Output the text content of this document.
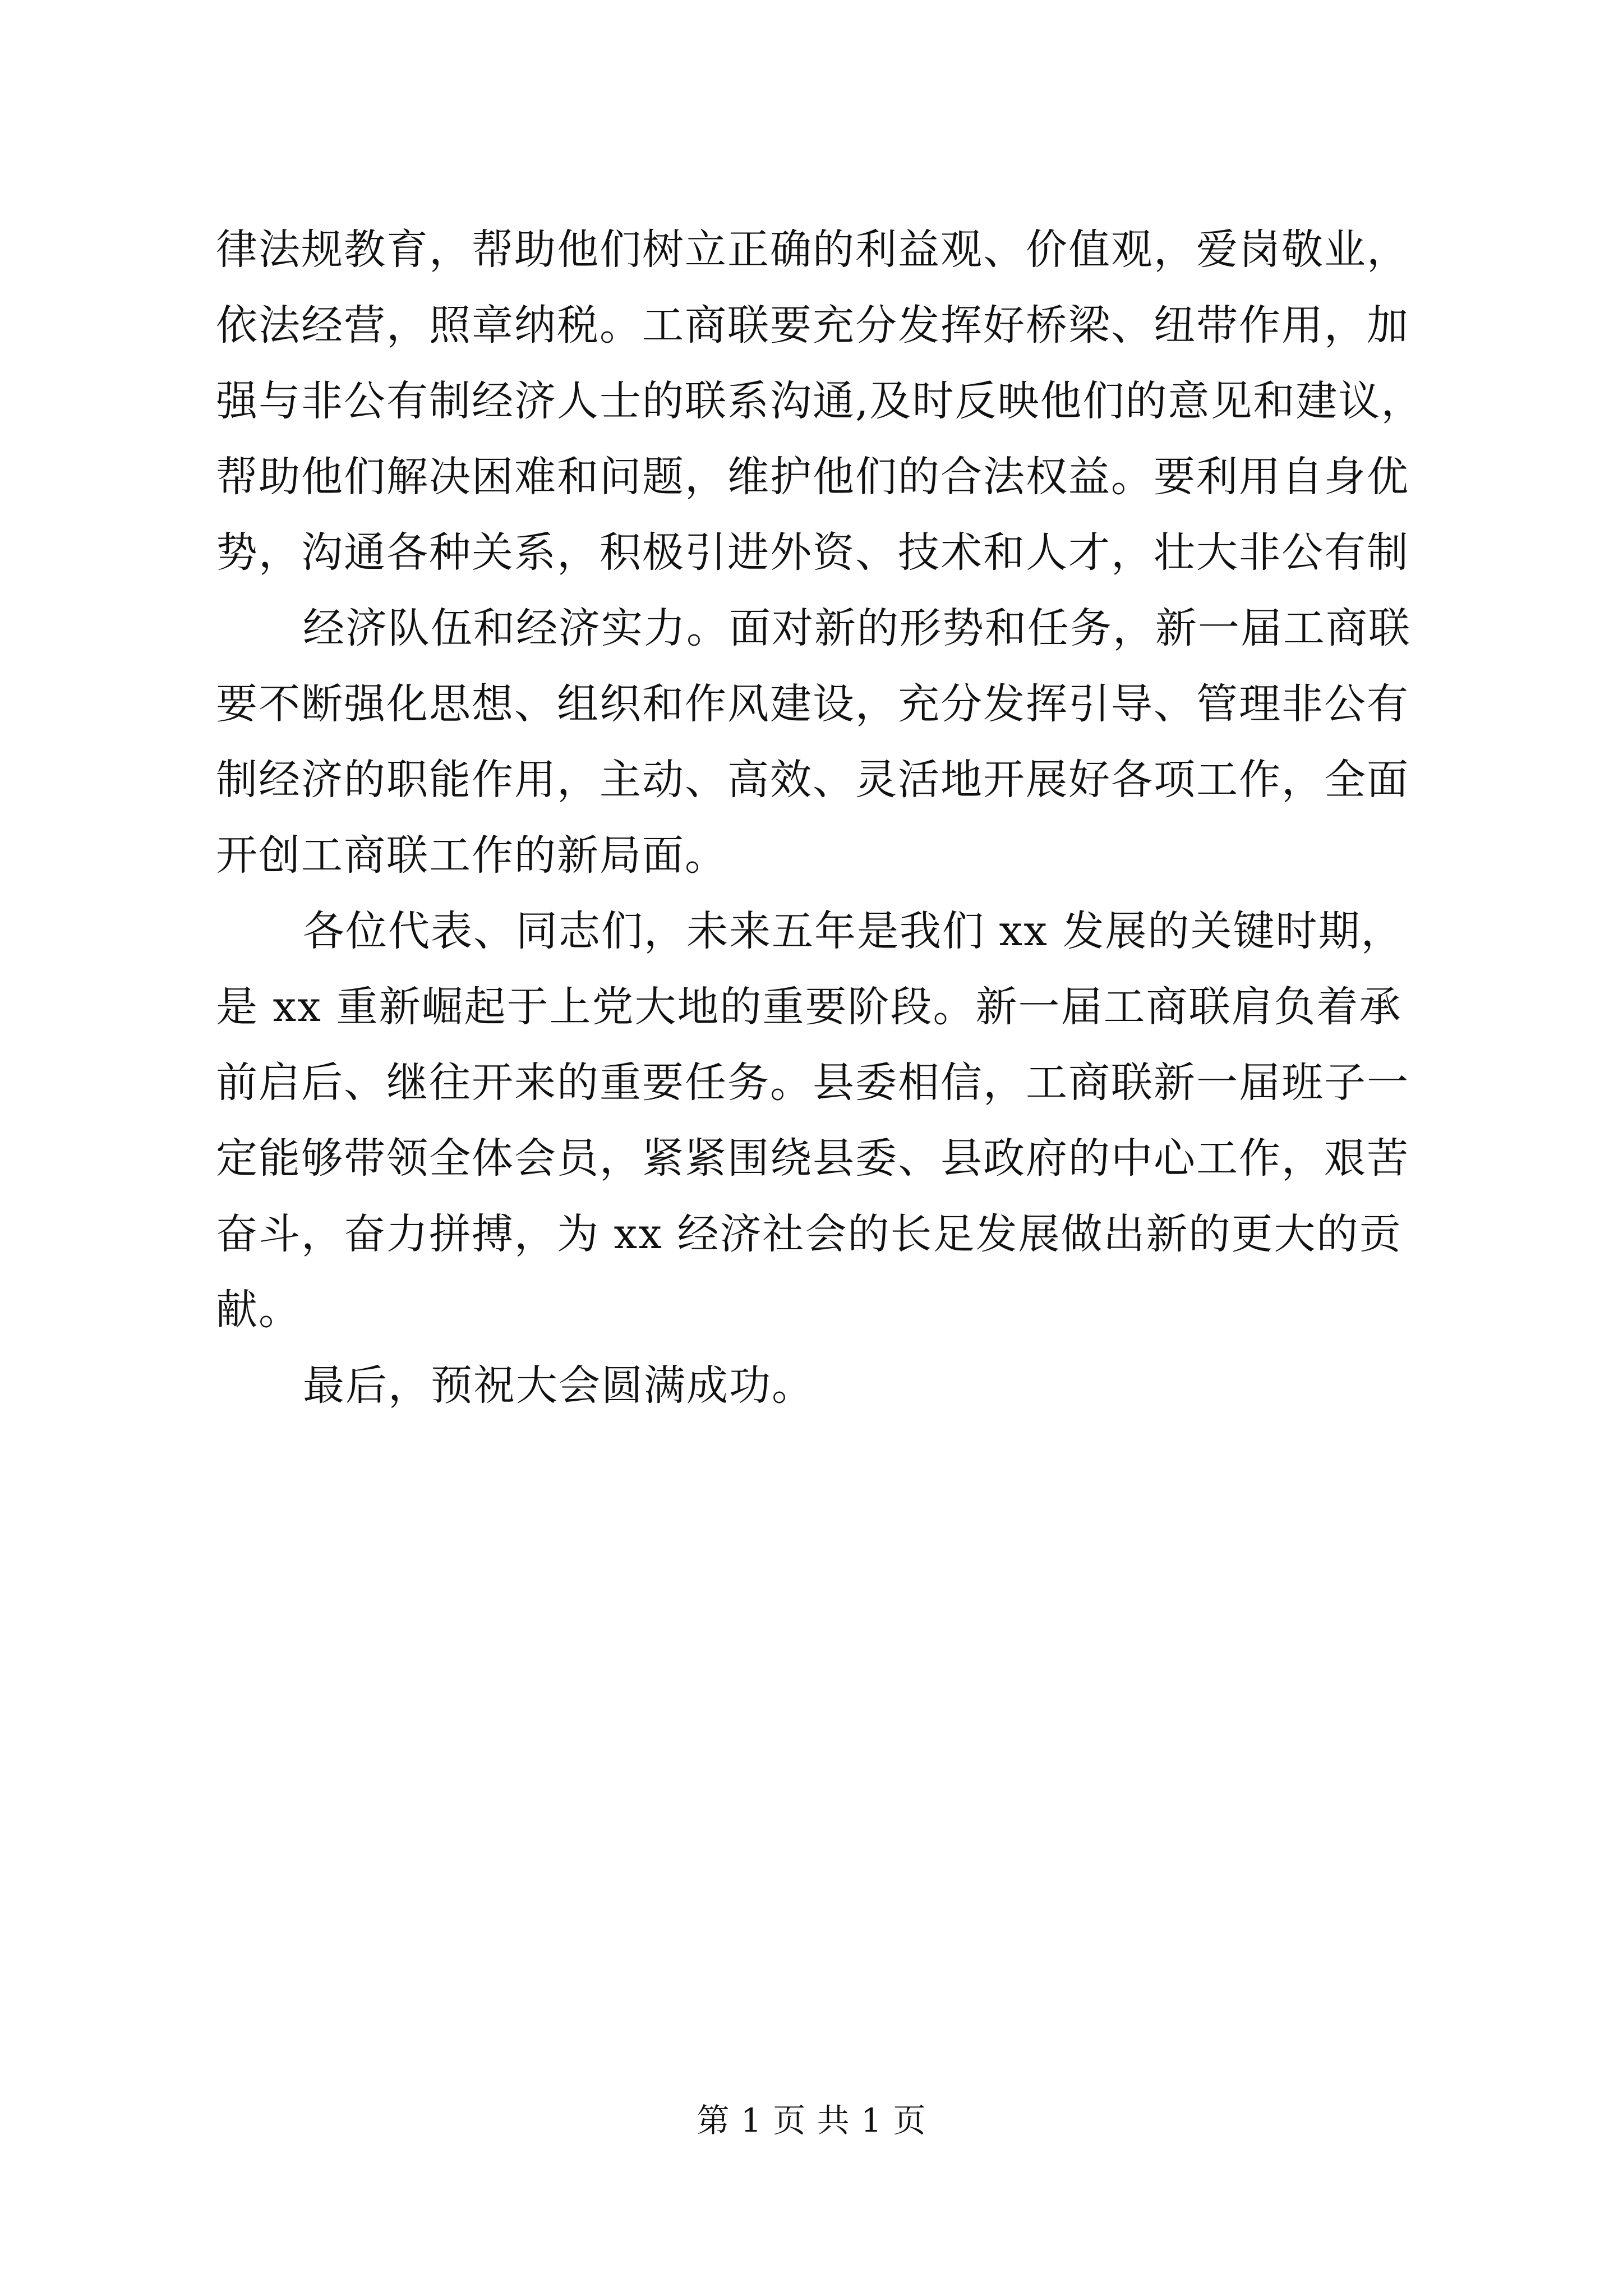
律法规教育，帮助他们树立正确的利益观、价值观，爱岗敬业，
依法经营，照章纳税。工商联要充分发挥好桥梁、纽带作用，加
强与非公有制经济人士的联系沟通,及时反映他们的意见和建议，
帮助他们解决困难和问题，维护他们的合法权益。要利用自身优
势，沟通各种关系，积极引进外资、技术和人才，壮大非公有制
经济队伍和经济实力。面对新的形势和任务，新一届工商联
要不断强化思想、组织和作风建设，充分发挥引导、管理非公有
制经济的职能作用，主动、高效、灵活地开展好各项工作，全面
开创工商联工作的新局面。
各位代表、同志们，未来五年是我们 xx 发展的关键时期，
是 xx 重新崛起于上党大地的重要阶段。新一届工商联肩负着承
前启后、继往开来的重要任务。县委相信，工商联新一届班子一
定能够带领全体会员，紧紧围绕县委、县政府的中心工作，艰苦
奋斗，奋力拼搏，为 xx 经济社会的长足发展做出新的更大的贡
献。
最后，预祝大会圆满成功。
第 1 页 共 1 页
